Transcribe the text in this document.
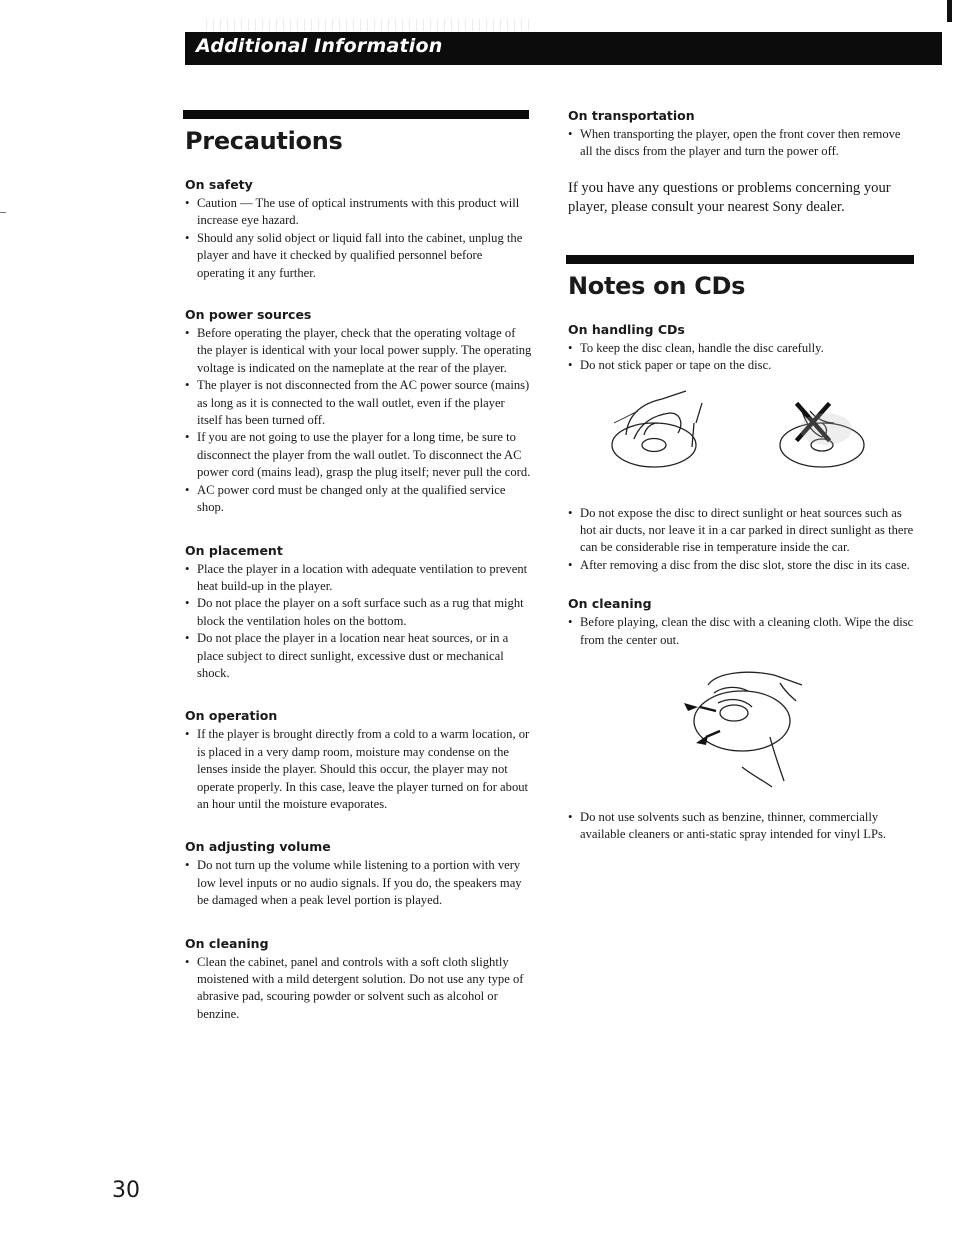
Additional Information
Precautions
On safety
• Caution — The use of optical instruments with this product will increase eye hazard.
• Should any solid object or liquid fall into the cabinet, unplug the player and have it checked by qualified personnel before operating it any further.
On power sources
• Before operating the player, check that the operating voltage of the player is identical with your local power supply. The operating voltage is indicated on the nameplate at the rear of the player.
• The player is not disconnected from the AC power source (mains) as long as it is connected to the wall outlet, even if the player itself has been turned off.
• If you are not going to use the player for a long time, be sure to disconnect the player from the wall outlet. To disconnect the AC power cord (mains lead), grasp the plug itself; never pull the cord.
• AC power cord must be changed only at the qualified service shop.
On placement
• Place the player in a location with adequate ventilation to prevent heat build-up in the player.
• Do not place the player on a soft surface such as a rug that might block the ventilation holes on the bottom.
• Do not place the player in a location near heat sources, or in a place subject to direct sunlight, excessive dust or mechanical shock.
On operation
• If the player is brought directly from a cold to a warm location, or is placed in a very damp room, moisture may condense on the lenses inside the player. Should this occur, the player may not operate properly. In this case, leave the player turned on for about an hour until the moisture evaporates.
On adjusting volume
• Do not turn up the volume while listening to a portion with very low level inputs or no audio signals. If you do, the speakers may be damaged when a peak level portion is played.
On cleaning
• Clean the cabinet, panel and controls with a soft cloth slightly moistened with a mild detergent solution. Do not use any type of abrasive pad, scouring powder or solvent such as alcohol or benzine.
On transportation
• When transporting the player, open the front cover then remove all the discs from the player and turn the power off.

If you have any questions or problems concerning your player, please consult your nearest Sony dealer.

Notes on CDs
On handling CDs
• To keep the disc clean, handle the disc carefully.
• Do not stick paper or tape on the disc.
• Do not expose the disc to direct sunlight or heat sources such as hot air ducts, nor leave it in a car parked in direct sunlight as there can be considerable rise in temperature inside the car.
• After removing a disc from the disc slot, store the disc in its case.
On cleaning
• Before playing, clean the disc with a cleaning cloth. Wipe the disc from the center out.
• Do not use solvents such as benzine, thinner, commercially available cleaners or anti-static spray intended for vinyl LPs.
30
